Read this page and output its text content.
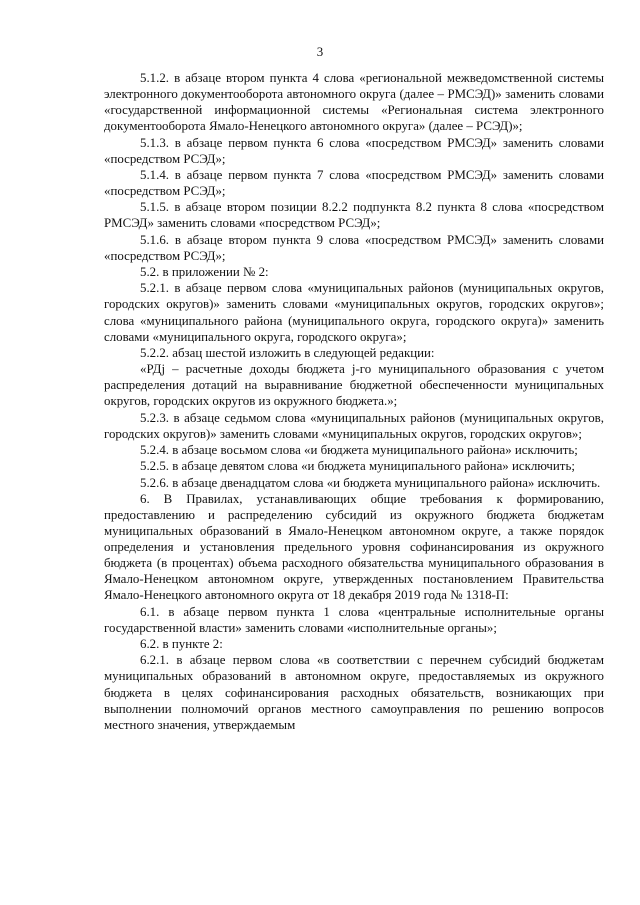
3

5.1.2. в абзаце втором пункта 4 слова «региональной межведомственной системы электронного документооборота автономного округа (далее – РМСЭД)» заменить словами «государственной информационной системы «Региональная система электронного документооборота Ямало-Ненецкого автономного округа» (далее – РСЭД)»;

5.1.3. в абзаце первом пункта 6 слова «посредством РМСЭД» заменить словами «посредством РСЭД»;

5.1.4. в абзаце первом пункта 7 слова «посредством РМСЭД» заменить словами «посредством РСЭД»;

5.1.5. в абзаце втором позиции 8.2.2 подпункта 8.2 пункта 8 слова «посредством РМСЭД» заменить словами «посредством РСЭД»;

5.1.6. в абзаце втором пункта 9 слова «посредством РМСЭД» заменить словами «посредством РСЭД»;

5.2. в приложении № 2:

5.2.1. в абзаце первом слова «муниципальных районов (муниципальных округов, городских округов)» заменить словами «муниципальных округов, городских округов»; слова «муниципального района (муниципального округа, городского округа)» заменить словами «муниципального округа, городского округа»;

5.2.2. абзац шестой изложить в следующей редакции:

«РДj – расчетные доходы бюджета j-го муниципального образования с учетом распределения дотаций на выравнивание бюджетной обеспеченности муниципальных округов, городских округов из окружного бюджета.»;

5.2.3. в абзаце седьмом слова «муниципальных районов (муниципальных округов, городских округов)» заменить словами «муниципальных округов, городских округов»;

5.2.4. в абзаце восьмом слова «и бюджета муниципального района» исключить;

5.2.5. в абзаце девятом слова «и бюджета муниципального района» исключить;

5.2.6. в абзаце двенадцатом слова «и бюджета муниципального района» исключить.

6. В Правилах, устанавливающих общие требования к формированию, предоставлению и распределению субсидий из окружного бюджета бюджетам муниципальных образований в Ямало-Ненецком автономном округе, а также порядок определения и установления предельного уровня софинансирования из окружного бюджета (в процентах) объема расходного обязательства муниципального образования в Ямало-Ненецком автономном округе, утвержденных постановлением Правительства Ямало-Ненецкого автономного округа от 18 декабря 2019 года № 1318-П:

6.1. в абзаце первом пункта 1 слова «центральные исполнительные органы государственной власти» заменить словами «исполнительные органы»;

6.2. в пункте 2:

6.2.1. в абзаце первом слова «в соответствии с перечнем субсидий бюджетам муниципальных образований в автономном округе, предоставляемых из окружного бюджета в целях софинансирования расходных обязательств, возникающих при выполнении полномочий органов местного самоуправления по решению вопросов местного значения, утверждаемым
